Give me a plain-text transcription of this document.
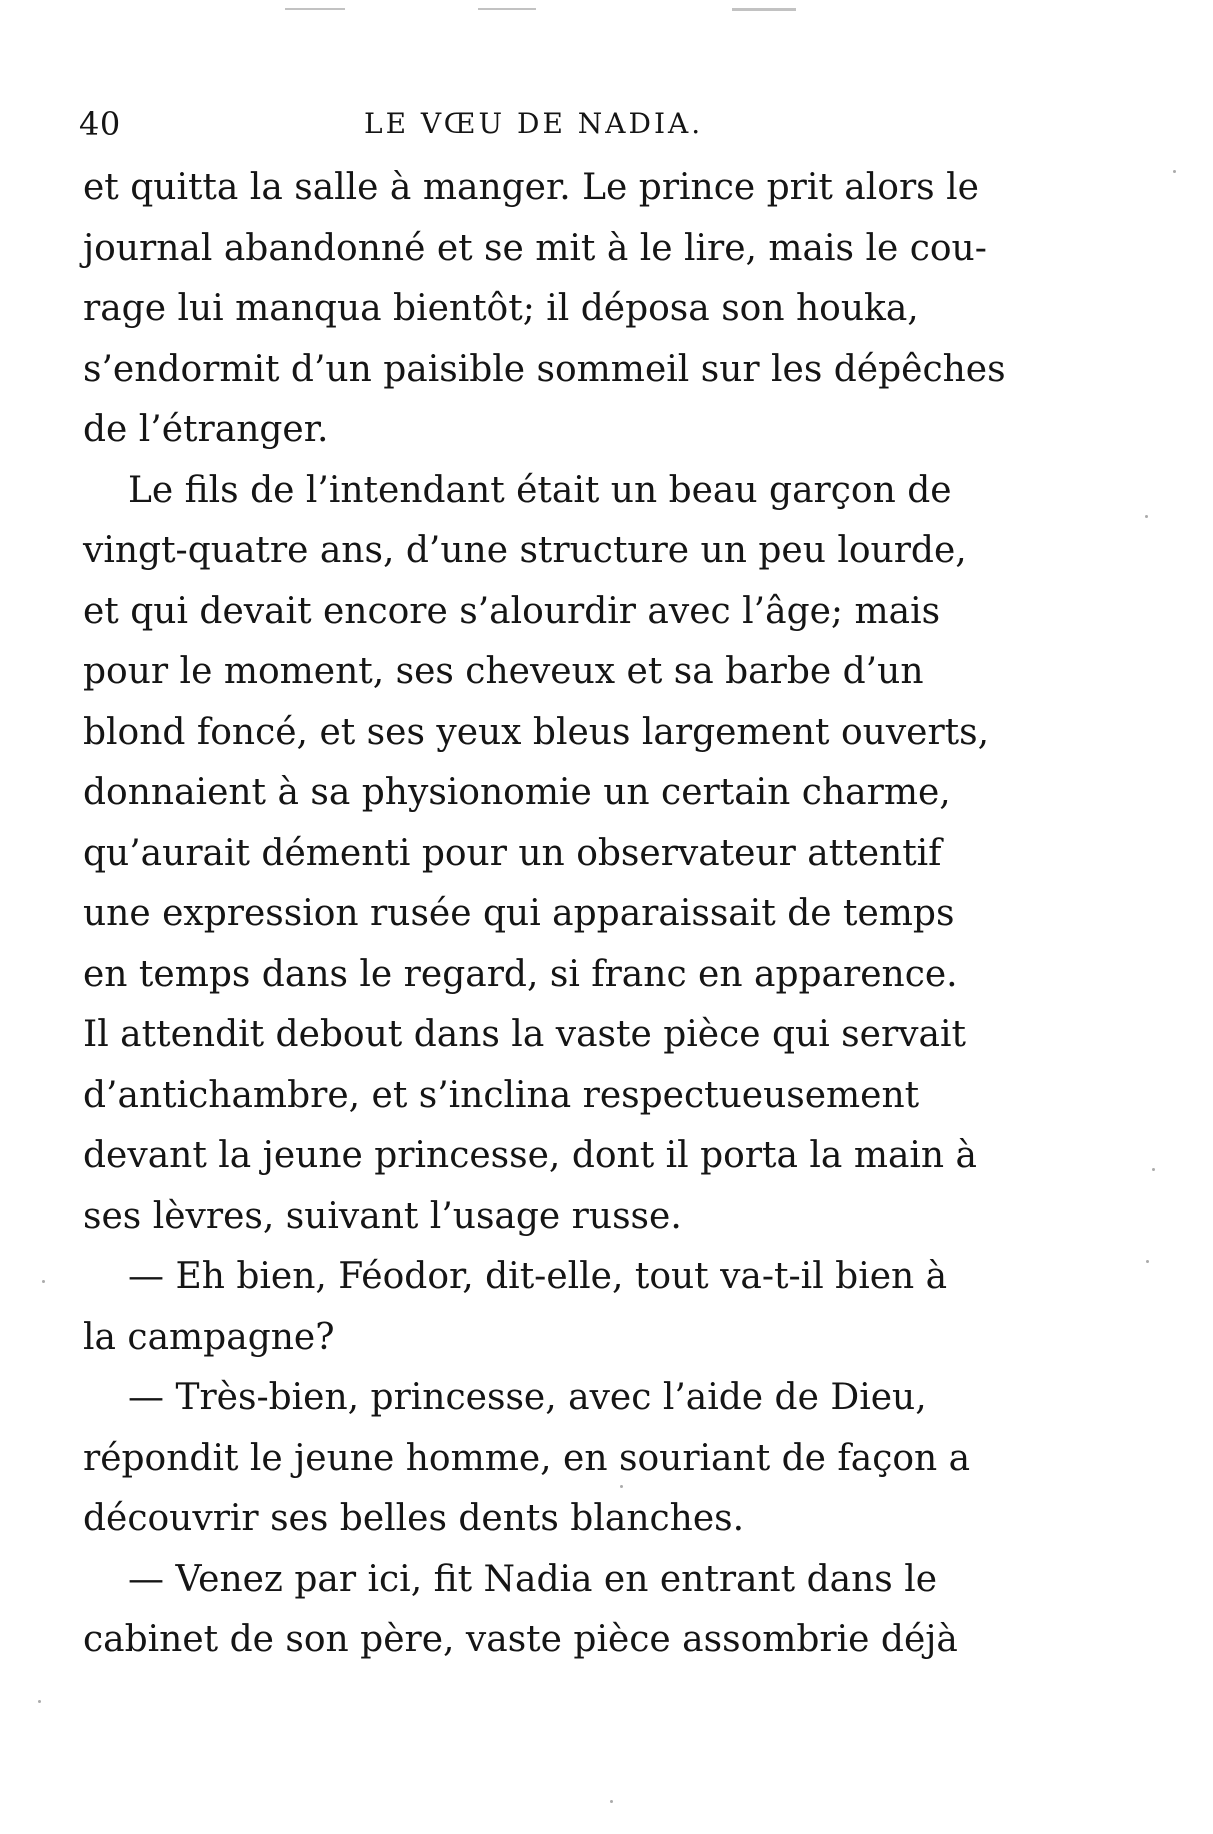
40	LE VŒU DE NADIA.
et quitta la salle à manger. Le prince prit alors le
journal abandonné et se mit à le lire, mais le cou-
rage lui manqua bientôt; il déposa son houka,
s’endormit d’un paisible sommeil sur les dépêches
de l’étranger.
Le fils de l’intendant était un beau garçon de
vingt-quatre ans, d’une structure un peu lourde,
et qui devait encore s’alourdir avec l’âge; mais
pour le moment, ses cheveux et sa barbe d’un
blond foncé, et ses yeux bleus largement ouverts,
donnaient à sa physionomie un certain charme,
qu’aurait démenti pour un observateur attentif
une expression rusée qui apparaissait de temps
en temps dans le regard, si franc en apparence.
Il attendit debout dans la vaste pièce qui servait
d’antichambre, et s’inclina respectueusement
devant la jeune princesse, dont il porta la main à
ses lèvres, suivant l’usage russe.
— Eh bien, Féodor, dit-elle, tout va-t-il bien à
la campagne?
— Très-bien, princesse, avec l’aide de Dieu,
répondit le jeune homme, en souriant de façon a
découvrir ses belles dents blanches.
— Venez par ici, fit Nadia en entrant dans le
cabinet de son père, vaste pièce assombrie déjà
